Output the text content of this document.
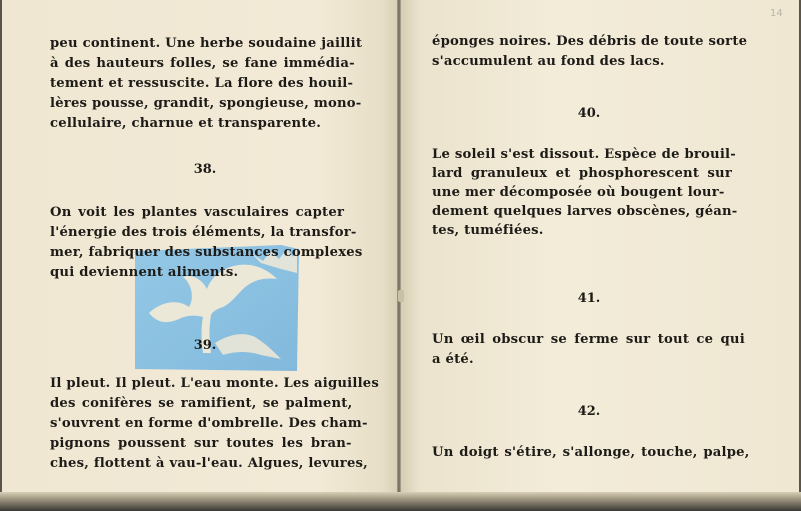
peu continent. Une herbe soudaine jaillit
à des hauteurs folles, se fane immédia-
tement et ressuscite. La flore des houil-
lères pousse, grandit, spongieuse, mono-
cellulaire, charnue et transparente.
38.
On voit les plantes vasculaires capter
l'énergie des trois éléments, la transfor-
mer, fabriquer des substances complexes
qui deviennent aliments.
39.
Il pleut. Il pleut. L'eau monte. Les aiguilles
des conifères se ramifient, se palment,
s'ouvrent en forme d'ombrelle. Des cham-
pignons poussent sur toutes les bran-
ches, flottent à vau-l'eau. Algues, levures,
14
éponges noires. Des débris de toute sorte
s'accumulent au fond des lacs.
40.
Le soleil s'est dissout. Espèce de brouil-
lard granuleux et phosphorescent sur
une mer décomposée où bougent lour-
dement quelques larves obscènes, géan-
tes, tuméfiées.
41.
Un œil obscur se ferme sur tout ce qui
a été.
42.
Un doigt s'étire, s'allonge, touche, palpe,
